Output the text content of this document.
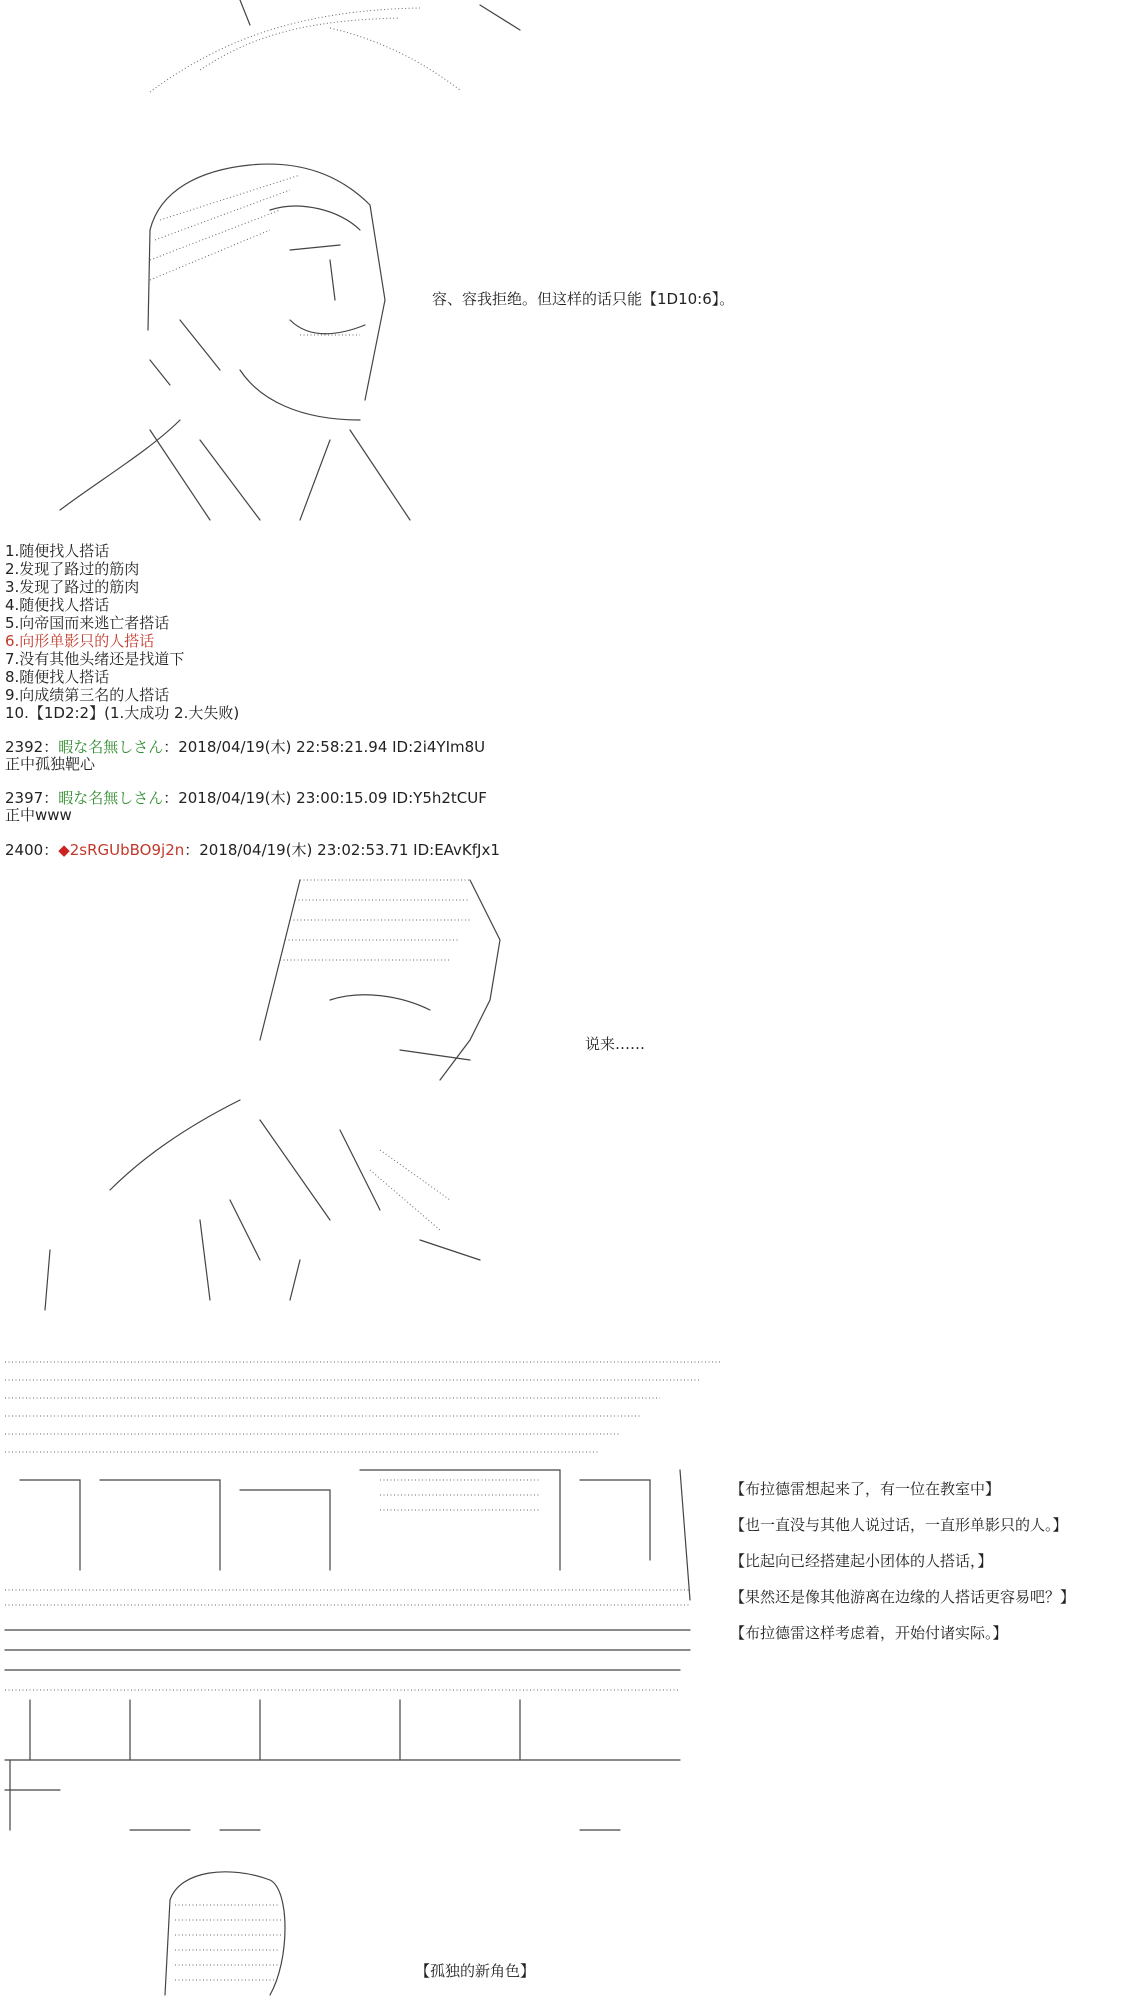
容、容我拒绝。但这样的话只能【1D10:6】。
1.随便找人搭话
2.发现了路过的筋肉
3.发现了路过的筋肉
4.随便找人搭话
5.向帝国而来逃亡者搭话
6.向形单影只的人搭话
7.没有其他头绪还是找道下
8.随便找人搭话
9.向成绩第三名的人搭话
10.【1D2:2】(1.大成功 2.大失败)
2392：暇な名無しさん：2018/04/19(木) 22:58:21.94 ID:2i4YIm8U
正中孤独靶心
2397：暇な名無しさん：2018/04/19(木) 23:00:15.09 ID:Y5h2tCUF
正中www
2400：◆2sRGUbBO9j2n：2018/04/19(木) 23:02:53.71 ID:EAvKfJx1
说来……
【布拉德雷想起来了，有一位在教室中】
【也一直没与其他人说过话，一直形单影只的人。】
【比起向已经搭建起小团体的人搭话，】
【果然还是像其他游离在边缘的人搭话更容易吧？】
【布拉德雷这样考虑着，开始付诸实际。】
【孤独的新角色】
